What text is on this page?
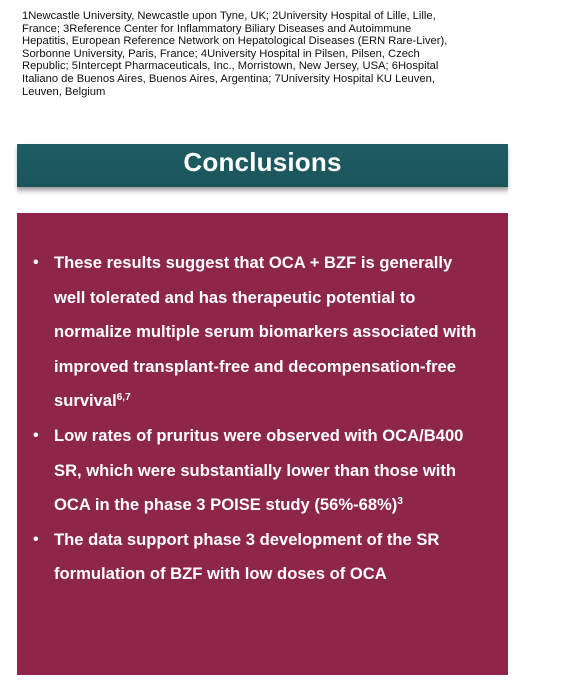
1Newcastle University, Newcastle upon Tyne, UK; 2University Hospital of Lille, Lille, France; 3Reference Center for Inflammatory Biliary Diseases and Autoimmune Hepatitis, European Reference Network on Hepatological Diseases (ERN Rare-Liver), Sorbonne University, Paris, France; 4University Hospital in Pilsen, Pilsen, Czech Republic; 5Intercept Pharmaceuticals, Inc., Morristown, New Jersey, USA; 6Hospital Italiano de Buenos Aires, Buenos Aires, Argentina; 7University Hospital KU Leuven, Leuven, Belgium

Conclusions
• These results suggest that OCA + BZF is generally well tolerated and has therapeutic potential to normalize multiple serum biomarkers associated with improved transplant-free and decompensation-free survival$^{6,7}$
• Low rates of pruritus were observed with OCA/B400 SR, which were substantially lower than those with OCA in the phase 3 POISE study $(56\%-68\%)^3$
• The data support phase 3 development of the SR formulation of BZF with low doses of OCA
